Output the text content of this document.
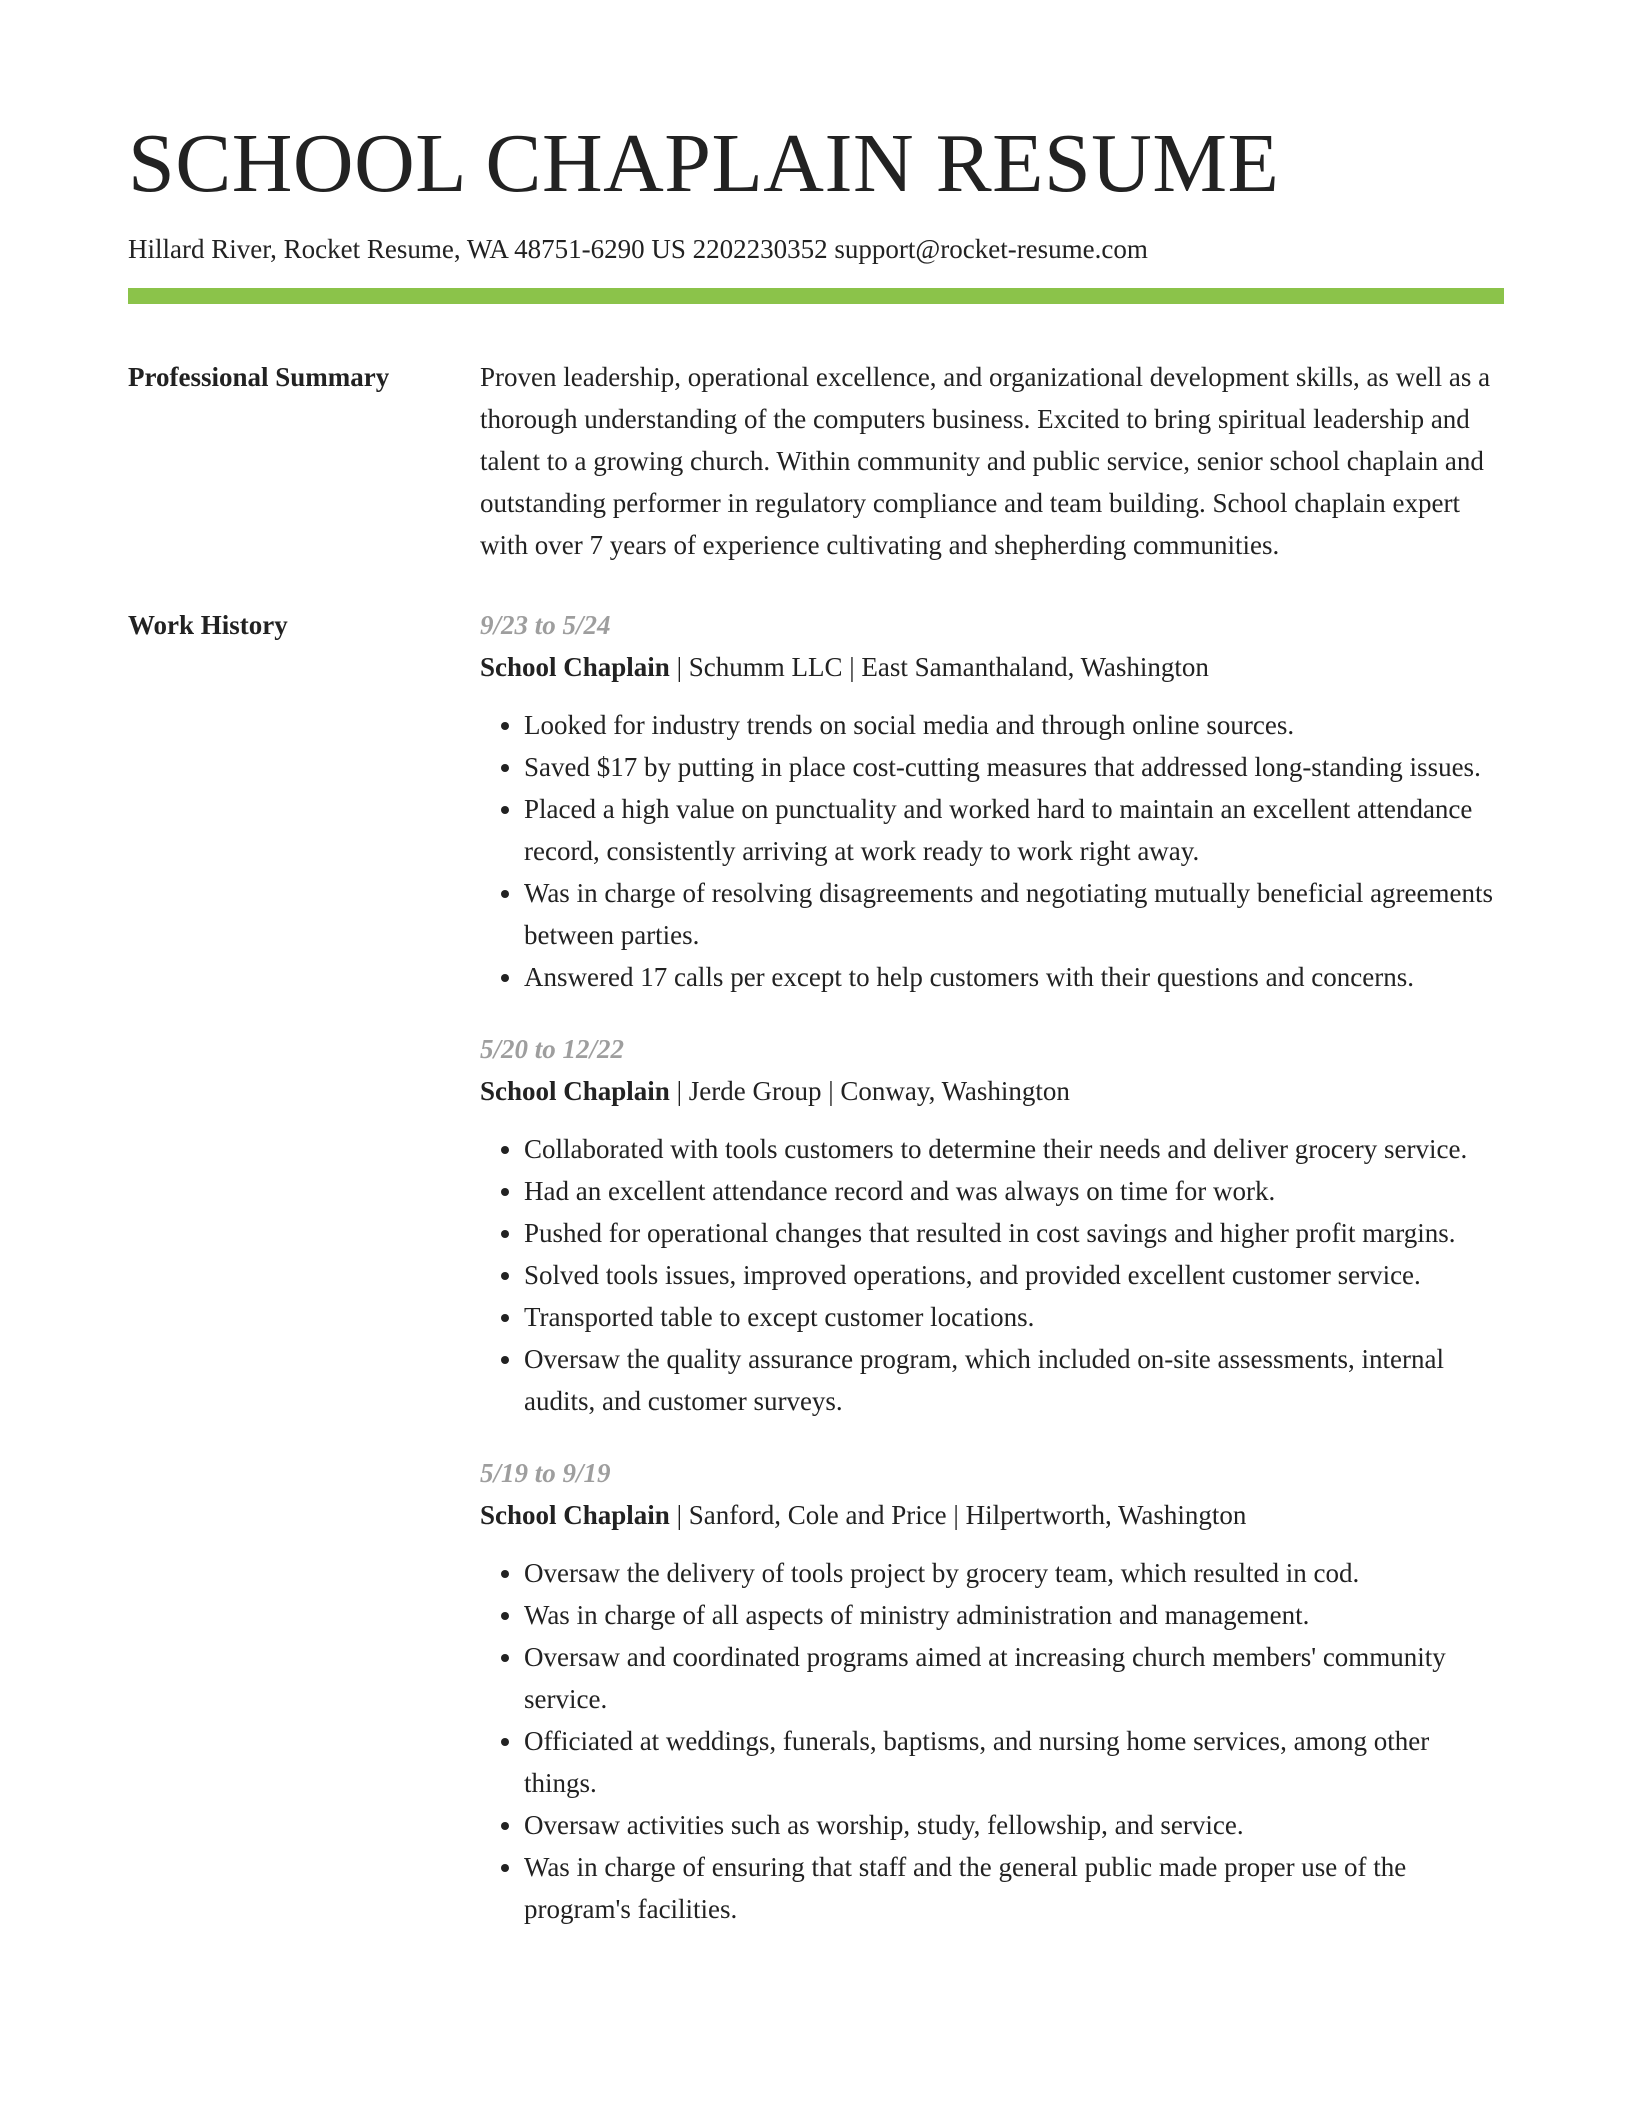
SCHOOL CHAPLAIN RESUME
Hillard River, Rocket Resume, WA 48751-6290 US 2202230352 support@rocket-resume.com
Professional Summary	Proven leadership, operational excellence, and organizational development skills, as well as a thorough understanding of the computers business. Excited to bring spiritual leadership and talent to a growing church. Within community and public service, senior school chaplain and outstanding performer in regulatory compliance and team building. School chaplain expert with over 7 years of experience cultivating and shepherding communities.

Work History	9/23 to 5/24
School Chaplain | Schumm LLC | East Samanthaland, Washington
• Looked for industry trends on social media and through online sources.
• Saved $17 by putting in place cost-cutting measures that addressed long-standing issues.
• Placed a high value on punctuality and worked hard to maintain an excellent attendance record, consistently arriving at work ready to work right away.
• Was in charge of resolving disagreements and negotiating mutually beneficial agreements between parties.
• Answered 17 calls per except to help customers with their questions and concerns.
5/20 to 12/22
School Chaplain | Jerde Group | Conway, Washington
• Collaborated with tools customers to determine their needs and deliver grocery service.
• Had an excellent attendance record and was always on time for work.
• Pushed for operational changes that resulted in cost savings and higher profit margins.
• Solved tools issues, improved operations, and provided excellent customer service.
• Transported table to except customer locations.
• Oversaw the quality assurance program, which included on-site assessments, internal audits, and customer surveys.
5/19 to 9/19
School Chaplain | Sanford, Cole and Price | Hilpertworth, Washington
• Oversaw the delivery of tools project by grocery team, which resulted in cod.
• Was in charge of all aspects of ministry administration and management.
• Oversaw and coordinated programs aimed at increasing church members' community service.
• Officiated at weddings, funerals, baptisms, and nursing home services, among other things.
• Oversaw activities such as worship, study, fellowship, and service.
• Was in charge of ensuring that staff and the general public made proper use of the program's facilities.
